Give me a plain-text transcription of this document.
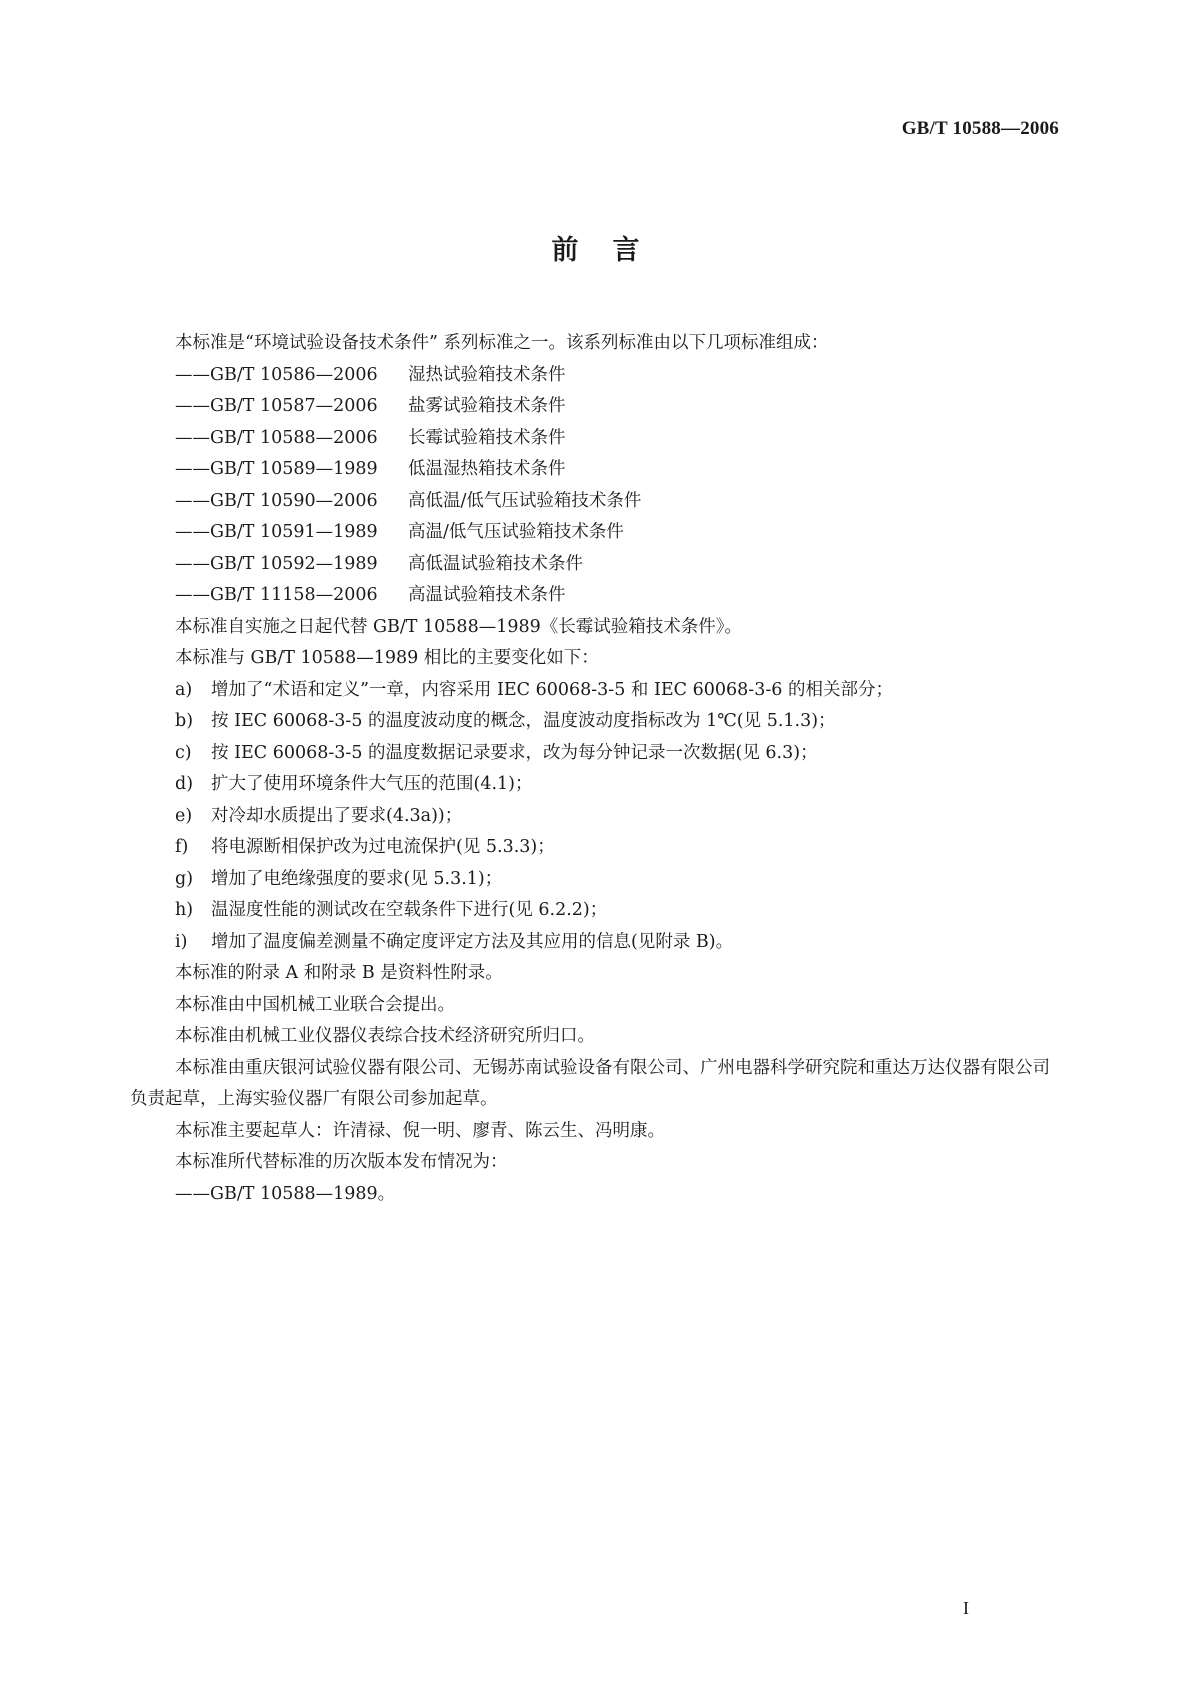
GB/T 10588—2006
前言

本标准是“环境试验设备技术条件” 系列标准之一。该系列标准由以下几项标准组成：

——GB/T 10586—2006	湿热试验箱技术条件
——GB/T 10587—2006	盐雾试验箱技术条件
——GB/T 10588—2006	长霉试验箱技术条件
——GB/T 10589—1989	低温湿热箱技术条件
——GB/T 10590—2006	高低温/低气压试验箱技术条件
——GB/T 10591—1989	高温/低气压试验箱技术条件
——GB/T 10592—1989	高低温试验箱技术条件
——GB/T 11158—2006	高温试验箱技术条件

本标准自实施之日起代替 GB/T 10588—1989《长霉试验箱技术条件》。

本标准与 GB/T 10588—1989 相比的主要变化如下：

a)	增加了“术语和定义”一章，内容采用 IEC 60068-3-5 和 IEC 60068-3-6 的相关部分；
b)	按 IEC 60068-3-5 的温度波动度的概念，温度波动度指标改为 1℃(见 5.1.3)；
c)	按 IEC 60068-3-5 的温度数据记录要求，改为每分钟记录一次数据(见 6.3)；
d)	扩大了使用环境条件大气压的范围(4.1)；
e)	对冷却水质提出了要求(4.3a))；
f)	将电源断相保护改为过电流保护(见 5.3.3)；
g)	增加了电绝缘强度的要求(见 5.3.1)；
h)	温湿度性能的测试改在空载条件下进行(见 6.2.2)；
i)	增加了温度偏差测量不确定度评定方法及其应用的信息(见附录 B)。

本标准的附录 A 和附录 B 是资料性附录。

本标准由中国机械工业联合会提出。

本标准由机械工业仪器仪表综合技术经济研究所归口。

本标准由重庆银河试验仪器有限公司、无锡苏南试验设备有限公司、广州电器科学研究院和重达万达仪器有限公司负责起草，上海实验仪器厂有限公司参加起草。

本标准主要起草人：许清禄、倪一明、廖青、陈云生、冯明康。

本标准所代替标准的历次版本发布情况为：

——GB/T 10588—1989。

I
